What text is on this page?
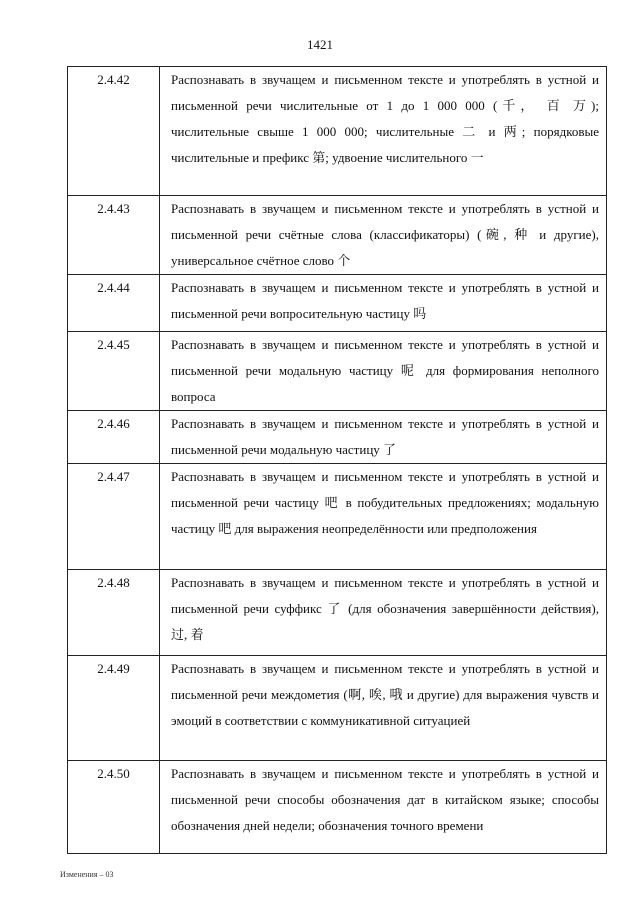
1421
2.4.42	Распознавать в звучащем и письменном тексте и употреблять в устной и письменной речи числительные от 1 до 1 000 000 (千， 百 万); числительные свыше 1 000 000; числительные 二 и 两; порядковые числительные и префикс 第; удвоение числительного 一

2.4.43	Распознавать в звучащем и письменном тексте и употреблять в устной и письменной речи счётные слова (классификаторы) (碗, 种 и другие), универсальное счётное слово 个

2.4.44	Распознавать в звучащем и письменном тексте и употреблять в устной и письменной речи вопросительную частицу 吗

2.4.45	Распознавать в звучащем и письменном тексте и употреблять в устной и письменной речи модальную частицу 呢 для формирования неполного вопроса

2.4.46	Распознавать в звучащем и письменном тексте и употреблять в устной и письменной речи модальную частицу 了

2.4.47	Распознавать в звучащем и письменном тексте и употреблять в устной и письменной речи частицу 吧 в побудительных предложениях; модальную частицу 吧 для выражения неопределённости или предположения

2.4.48	Распознавать в звучащем и письменном тексте и употреблять в устной и письменной речи суффикс 了 (для обозначения завершённости действия), 过, 着

2.4.49	Распознавать в звучащем и письменном тексте и употреблять в устной и письменной речи междометия (啊, 唉, 哦 и другие) для выражения чувств и эмоций в соответствии с коммуникативной ситуацией

2.4.50	Распознавать в звучащем и письменном тексте и употреблять в устной и письменной речи способы обозначения дат в китайском языке; способы обозначения дней недели; обозначения точного времени
Изменения – 03
